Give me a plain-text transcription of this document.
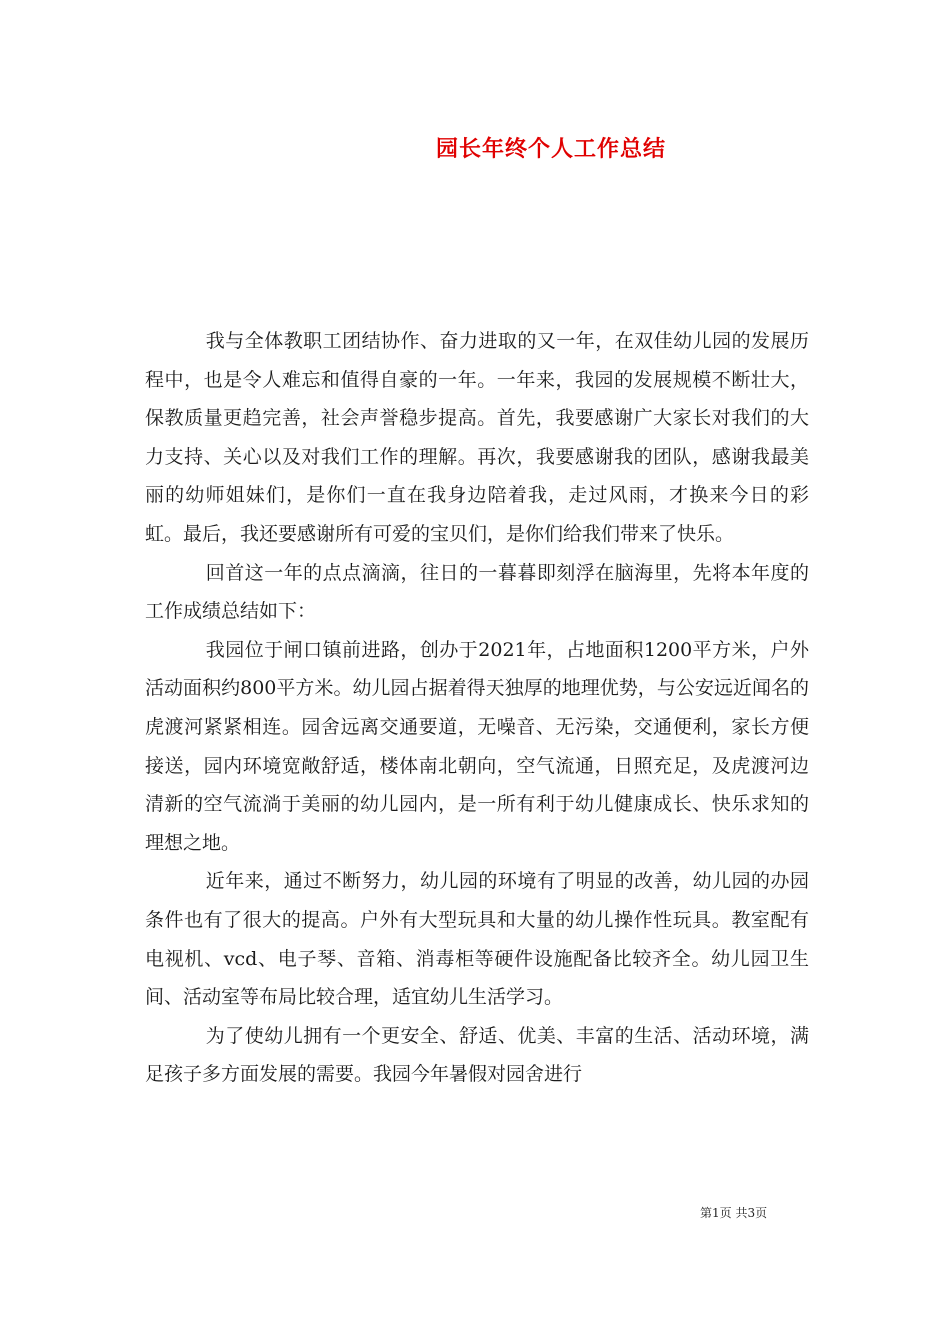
园长年终个人工作总结

我与全体教职工团结协作、奋力进取的又一年，在双佳幼儿园的发展历程中，也是令人难忘和值得自豪的一年。一年来，我园的发展规模不断壮大，保教质量更趋完善，社会声誉稳步提高。首先，我要感谢广大家长对我们的大力支持、关心以及对我们工作的理解。再次，我要感谢我的团队，感谢我最美丽的幼师姐妹们，是你们一直在我身边陪着我，走过风雨，才换来今日的彩虹。最后，我还要感谢所有可爱的宝贝们，是你们给我们带来了快乐。

回首这一年的点点滴滴，往日的一暮暮即刻浮在脑海里，先将本年度的工作成绩总结如下：

我园位于闸口镇前进路，创办于2021年，占地面积1200平方米，户外活动面积约800平方米。幼儿园占据着得天独厚的地理优势，与公安远近闻名的虎渡河紧紧相连。园舍远离交通要道，无噪音、无污染，交通便利，家长方便接送，园内环境宽敞舒适，楼体南北朝向，空气流通，日照充足，及虎渡河边清新的空气流淌于美丽的幼儿园内，是一所有利于幼儿健康成长、快乐求知的理想之地。

近年来，通过不断努力，幼儿园的环境有了明显的改善，幼儿园的办园条件也有了很大的提高。户外有大型玩具和大量的幼儿操作性玩具。教室配有电视机、vcd、电子琴、音箱、消毒柜等硬件设施配备比较齐全。幼儿园卫生间、活动室等布局比较合理，适宜幼儿生活学习。

为了使幼儿拥有一个更安全、舒适、优美、丰富的生活、活动环境，满足孩子多方面发展的需要。我园今年暑假对园舍进行

第1页 共3页
